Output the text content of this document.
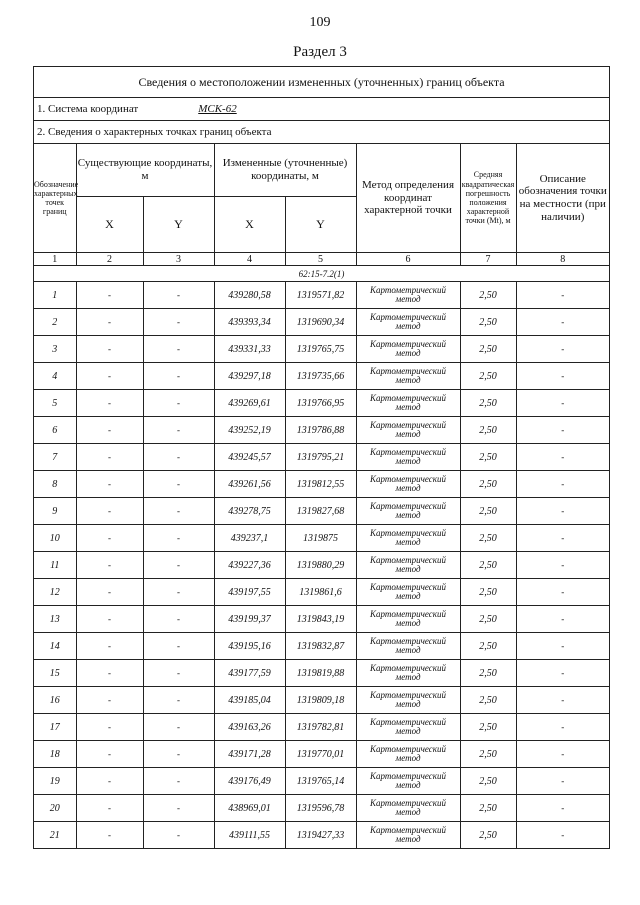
109
Раздел 3
Сведения о местоположении измененных (уточненных) границ объекта							
1. Система координат МСК-62							
2. Сведения о характерных точках границ объекта							
Обозначение характерных точек границ	Существующие координаты, м		Измененные (уточненные) координаты, м		Метод определения координат характерной точки	Средняя квадратическая погрешность положения характерной точки (Mt), м	Описание обозначения точки на местности (при наличии)
	X	Y	X	Y			
1	2	3	4	5	6	7	8
62:15-7.2(1)							
1	-	-	439280,58	1319571,82	Картометрический метод	2,50	-
2	-	-	439393,34	1319690,34	Картометрический метод	2,50	-
3	-	-	439331,33	1319765,75	Картометрический метод	2,50	-
4	-	-	439297,18	1319735,66	Картометрический метод	2,50	-
5	-	-	439269,61	1319766,95	Картометрический метод	2,50	-
6	-	-	439252,19	1319786,88	Картометрический метод	2,50	-
7	-	-	439245,57	1319795,21	Картометрический метод	2,50	-
8	-	-	439261,56	1319812,55	Картометрический метод	2,50	-
9	-	-	439278,75	1319827,68	Картометрический метод	2,50	-
10	-	-	439237,1	1319875	Картометрический метод	2,50	-
11	-	-	439227,36	1319880,29	Картометрический метод	2,50	-
12	-	-	439197,55	1319861,6	Картометрический метод	2,50	-
13	-	-	439199,37	1319843,19	Картометрический метод	2,50	-
14	-	-	439195,16	1319832,87	Картометрический метод	2,50	-
15	-	-	439177,59	1319819,88	Картометрический метод	2,50	-
16	-	-	439185,04	1319809,18	Картометрический метод	2,50	-
17	-	-	439163,26	1319782,81	Картометрический метод	2,50	-
18	-	-	439171,28	1319770,01	Картометрический метод	2,50	-
19	-	-	439176,49	1319765,14	Картометрический метод	2,50	-
20	-	-	438969,01	1319596,78	Картометрический метод	2,50	-
21	-	-	439111,55	1319427,33	Картометрический метод	2,50	-
